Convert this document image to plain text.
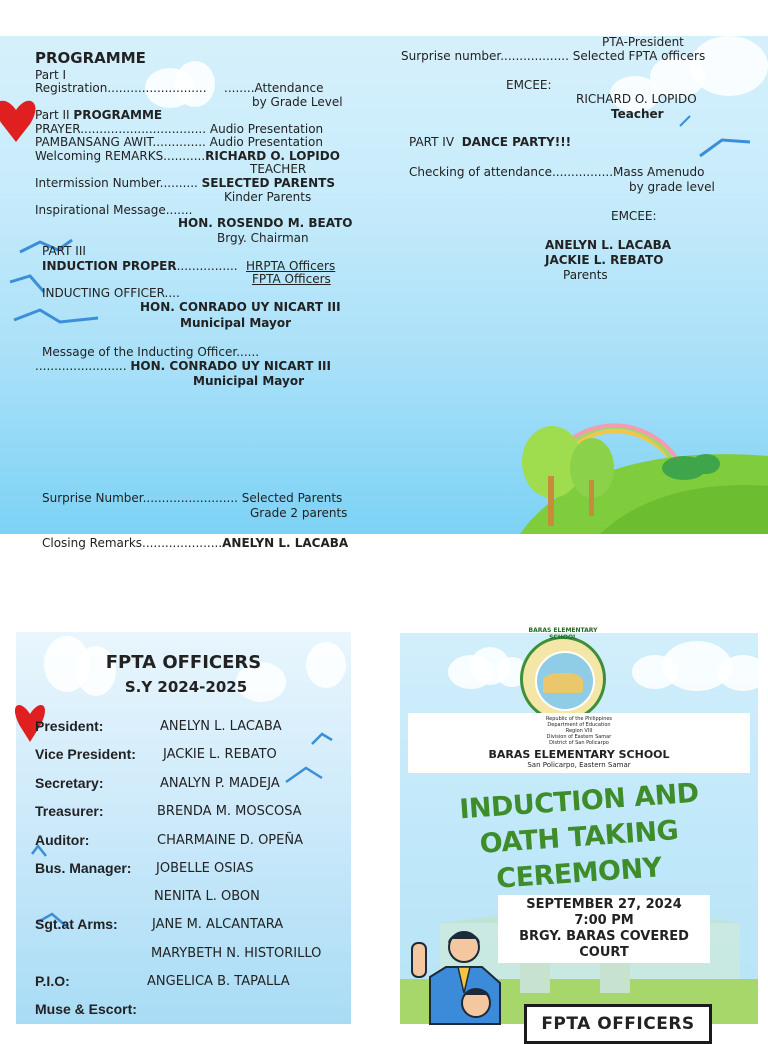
PROGRAMME
Part I
Registration.......................... ........Attendance
by Grade Level
Part II PROGRAMME
PRAYER................................. Audio Presentation
PAMBANSANG AWIT.............. Audio Presentation
Welcoming REMARKS...........RICHARD O. LOPIDO
TEACHER
Intermission Number.......... SELECTED PARENTS
Kinder Parents
Inspirational Message.......
HON. ROSENDO M. BEATO
Brgy. Chairman
PART III
INDUCTION PROPER................ HRPTA Officers
FPTA Officers
INDUCTING OFFICER....
HON. CONRADO UY NICART III
Municipal Mayor
Message of the Inducting Officer......
........................ HON. CONRADO UY NICART III
Municipal Mayor
Surprise Number......................... Selected Parents
Grade 2 parents
Closing Remarks.....................ANELYN L. LACABA
PTA-President
Surprise number.................. Selected FPTA officers
EMCEE:
RICHARD O. LOPIDO
Teacher
PART IV DANCE PARTY!!!
Checking of attendance................Mass Amenudo
by grade level
EMCEE:
ANELYN L. LACABA
JACKIE L. REBATO
Parents
FPTA OFFICERS
S.Y 2024-2025
President:	ANELYN L. LACABA
Vice President: JACKIE L. REBATO
Secretary:	ANALYN P. MADEJA
Treasurer:	BRENDA M. MOSCOSA
Auditor:	CHARMAINE D. OPEÑA
Bus. Manager: JOBELLE OSIAS
NENITA L. OBON
Sgt.at Arms:	JANE M. ALCANTARA
MARYBETH N. HISTORILLO
P.I.O:	ANGELICA B. TAPALLA
Muse & Escort:
BARAS ELEMENTARY SCHOOL
Republic of the Philippines
Department of Education
Region VIII
Division of Eastern Samar
District of San Policarpo
BARAS ELEMENTARY SCHOOL
San Policarpo, Eastern Samar
INDUCTION AND
OATH TAKING
CEREMONY
SEPTEMBER 27, 2024
7:00 PM
BRGY. BARAS COVERED
COURT
FPTA OFFICERS
